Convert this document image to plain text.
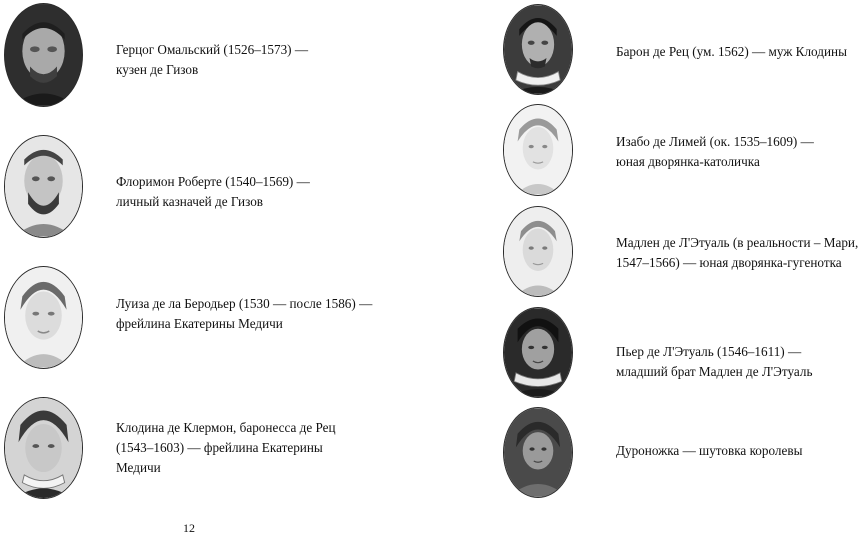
Герцог Омальский (1526–1573) —
кузен де Гизов
Флоримон Роберте (1540–1569) —
личный казначей де Гизов
Луиза де ла Беродьер (1530 — после 1586) —
фрейлина Екатерины Медичи
Клодина де Клермон, баронесса де Рец
(1543–1603) — фрейлина Екатерины
Медичи
Барон де Рец (ум. 1562) — муж Клодины
Изабо де Лимей (ок. 1535–1609) —
юная дворянка-католичка
Мадлен де Л'Этуаль (в реальности – Мари,
1547–1566) — юная дворянка-гугенотка
Пьер де Л'Этуаль (1546–1611) —
младший брат Мадлен де Л'Этуаль
Дуроножка — шутовка королевы
12
